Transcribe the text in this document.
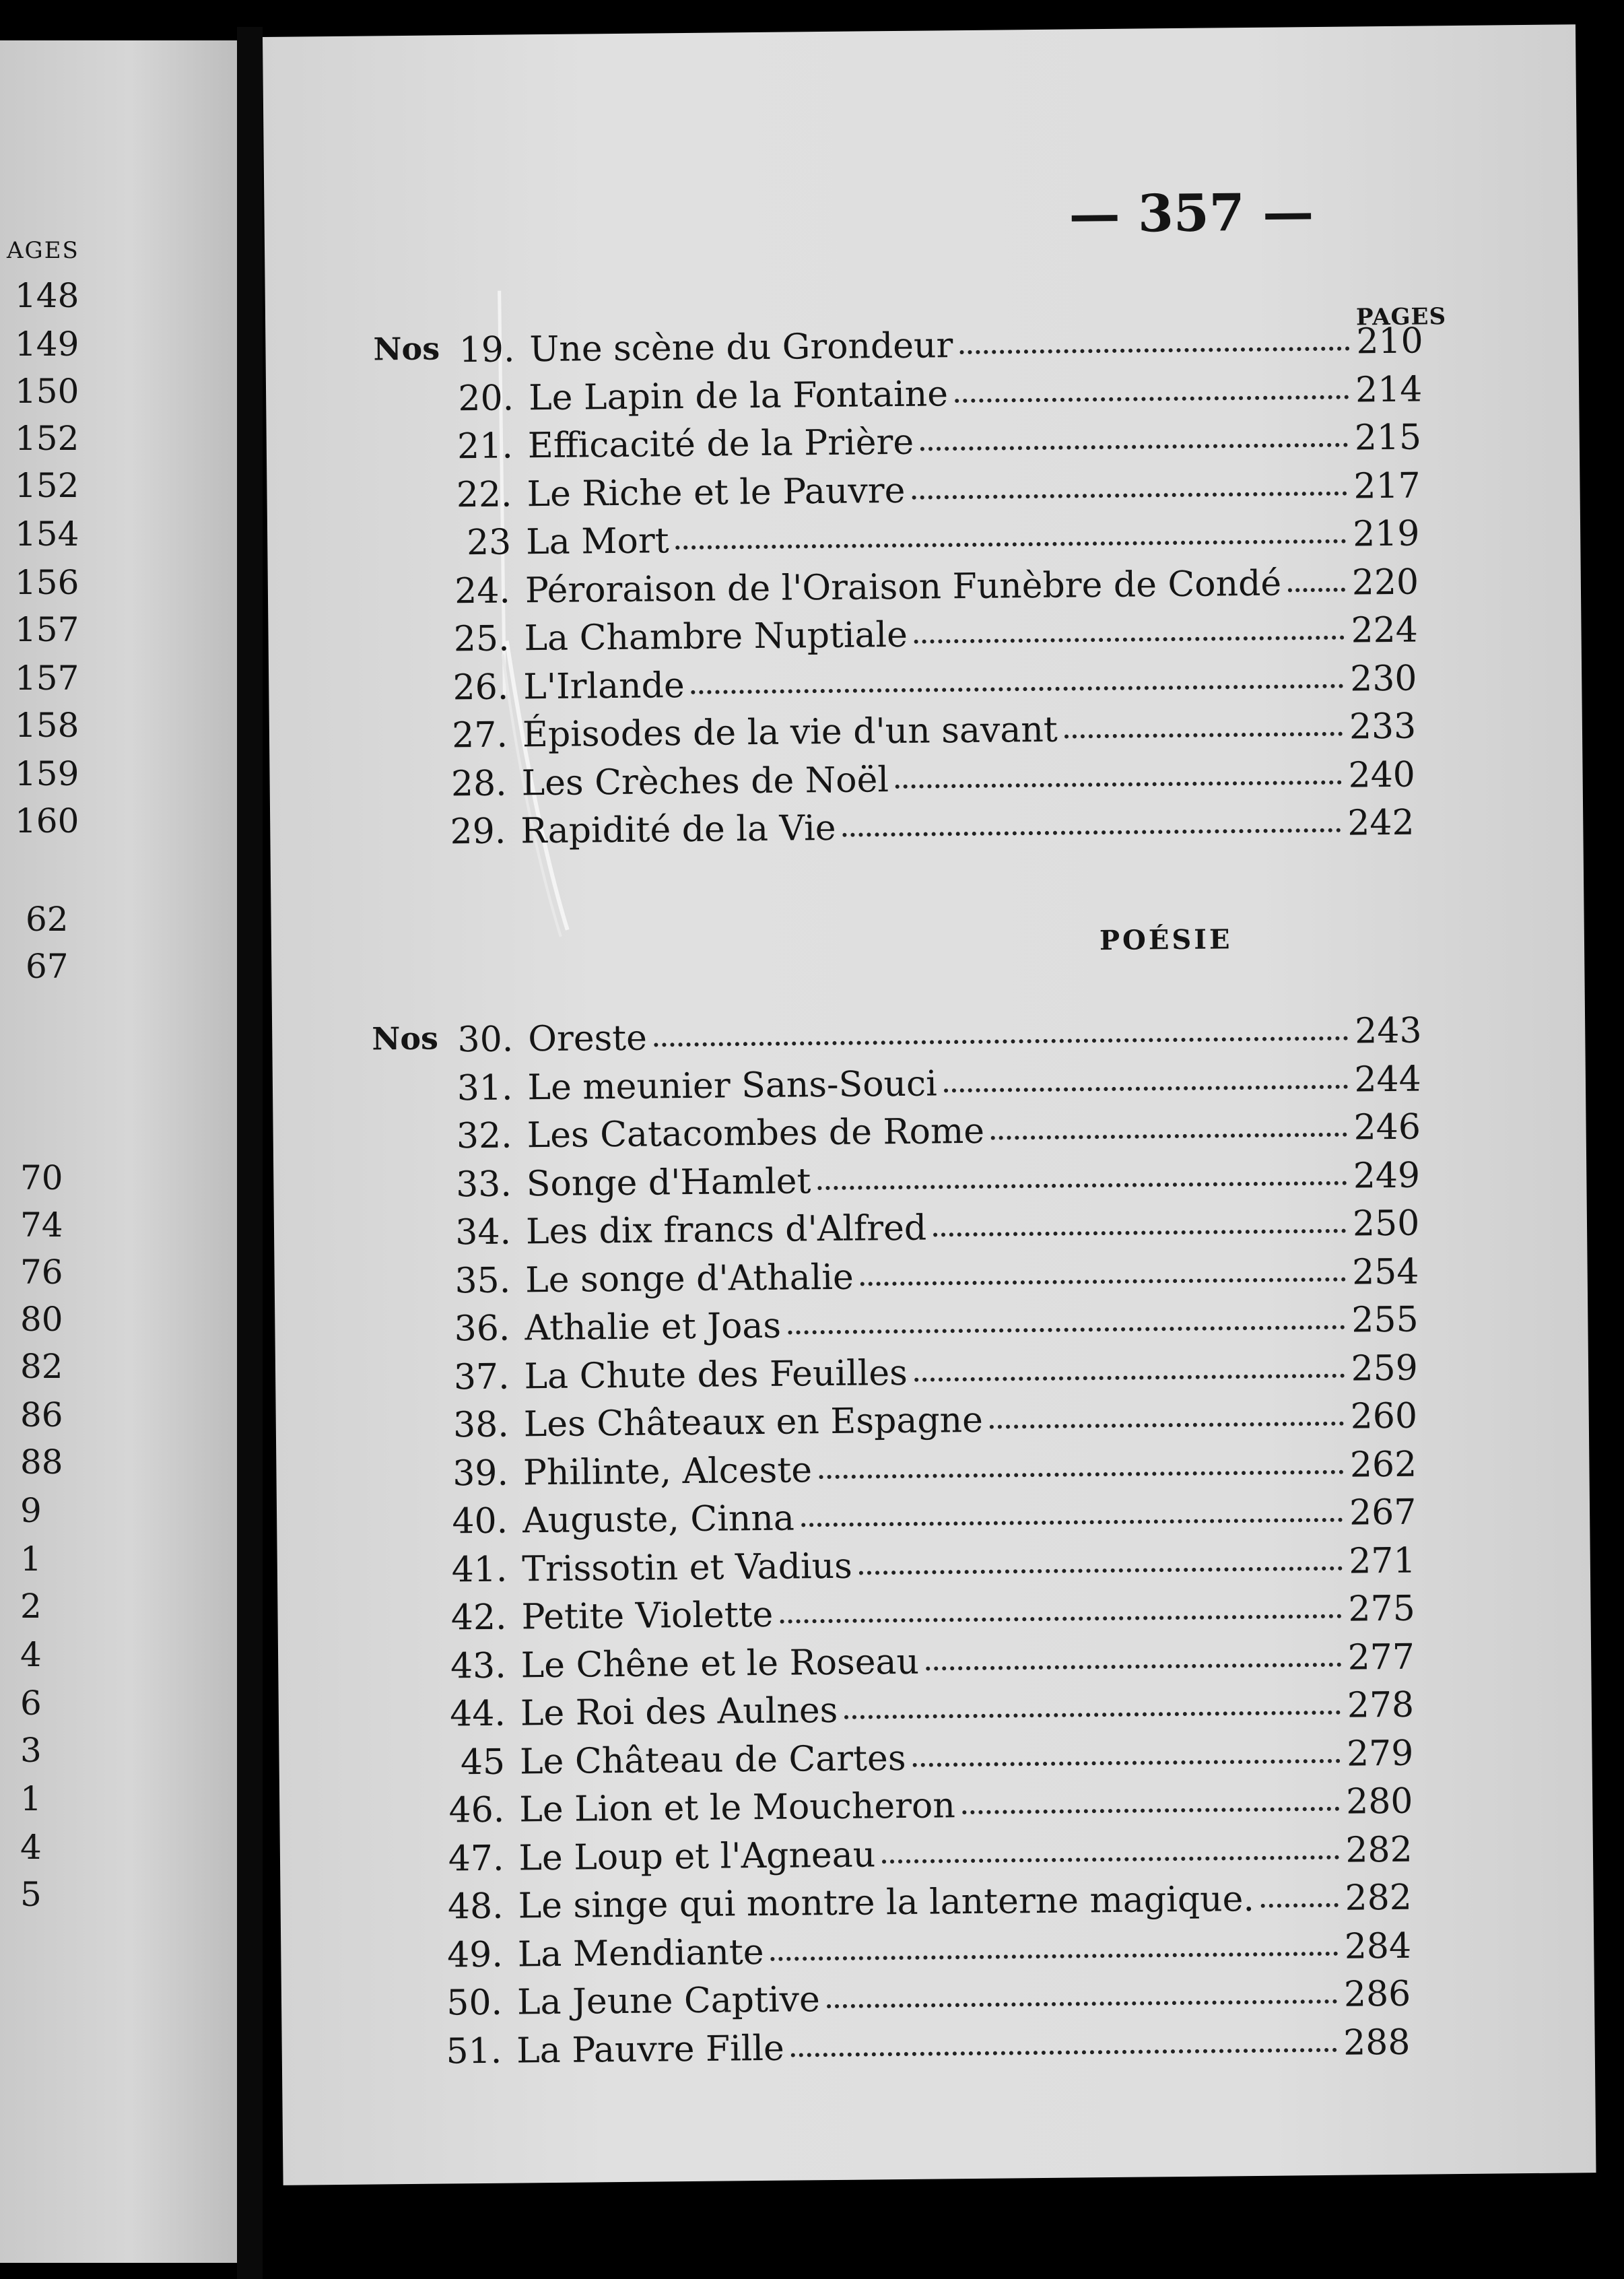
AGES
148
149
150
152
152
154
156
157
157
158
159
160
62
67
70
74
76
80
82
86
88
9
1
2
4
6
3
1
4
5
— 357 —
PAGES
Nos 19. Une scène du Grondeur	210
20. Le Lapin de la Fontaine	214
21. Efficacité de la Prière	215
22. Le Riche et le Pauvre	217
23 La Mort	219
24. Péroraison de l'Oraison Funèbre de Condé 220
25. La Chambre Nuptiale	224
26. L'Irlande	230
27. Épisodes de la vie d'un savant	233
28. Les Crèches de Noël	240
29. Rapidité de la Vie	242
POÉSIE
Nos 30. Oreste	243
31. Le meunier Sans-Souci	244
32. Les Catacombes de Rome	246
33. Songe d'Hamlet	249
34. Les dix francs d'Alfred	250
35. Le songe d'Athalie	254
36. Athalie et Joas	255
37. La Chute des Feuilles	259
38. Les Châteaux en Espagne	260
39. Philinte, Alceste	262
40. Auguste, Cinna	267
41. Trissotin et Vadius	271
42. Petite Violette	275
43. Le Chêne et le Roseau	277
44. Le Roi des Aulnes	278
45 Le Château de Cartes	279
46. Le Lion et le Moucheron	280
47. Le Loup et l'Agneau	282
48. Le singe qui montre la lanterne magique.	282
49. La Mendiante	284
50. La Jeune Captive	286
51. La Pauvre Fille	288
